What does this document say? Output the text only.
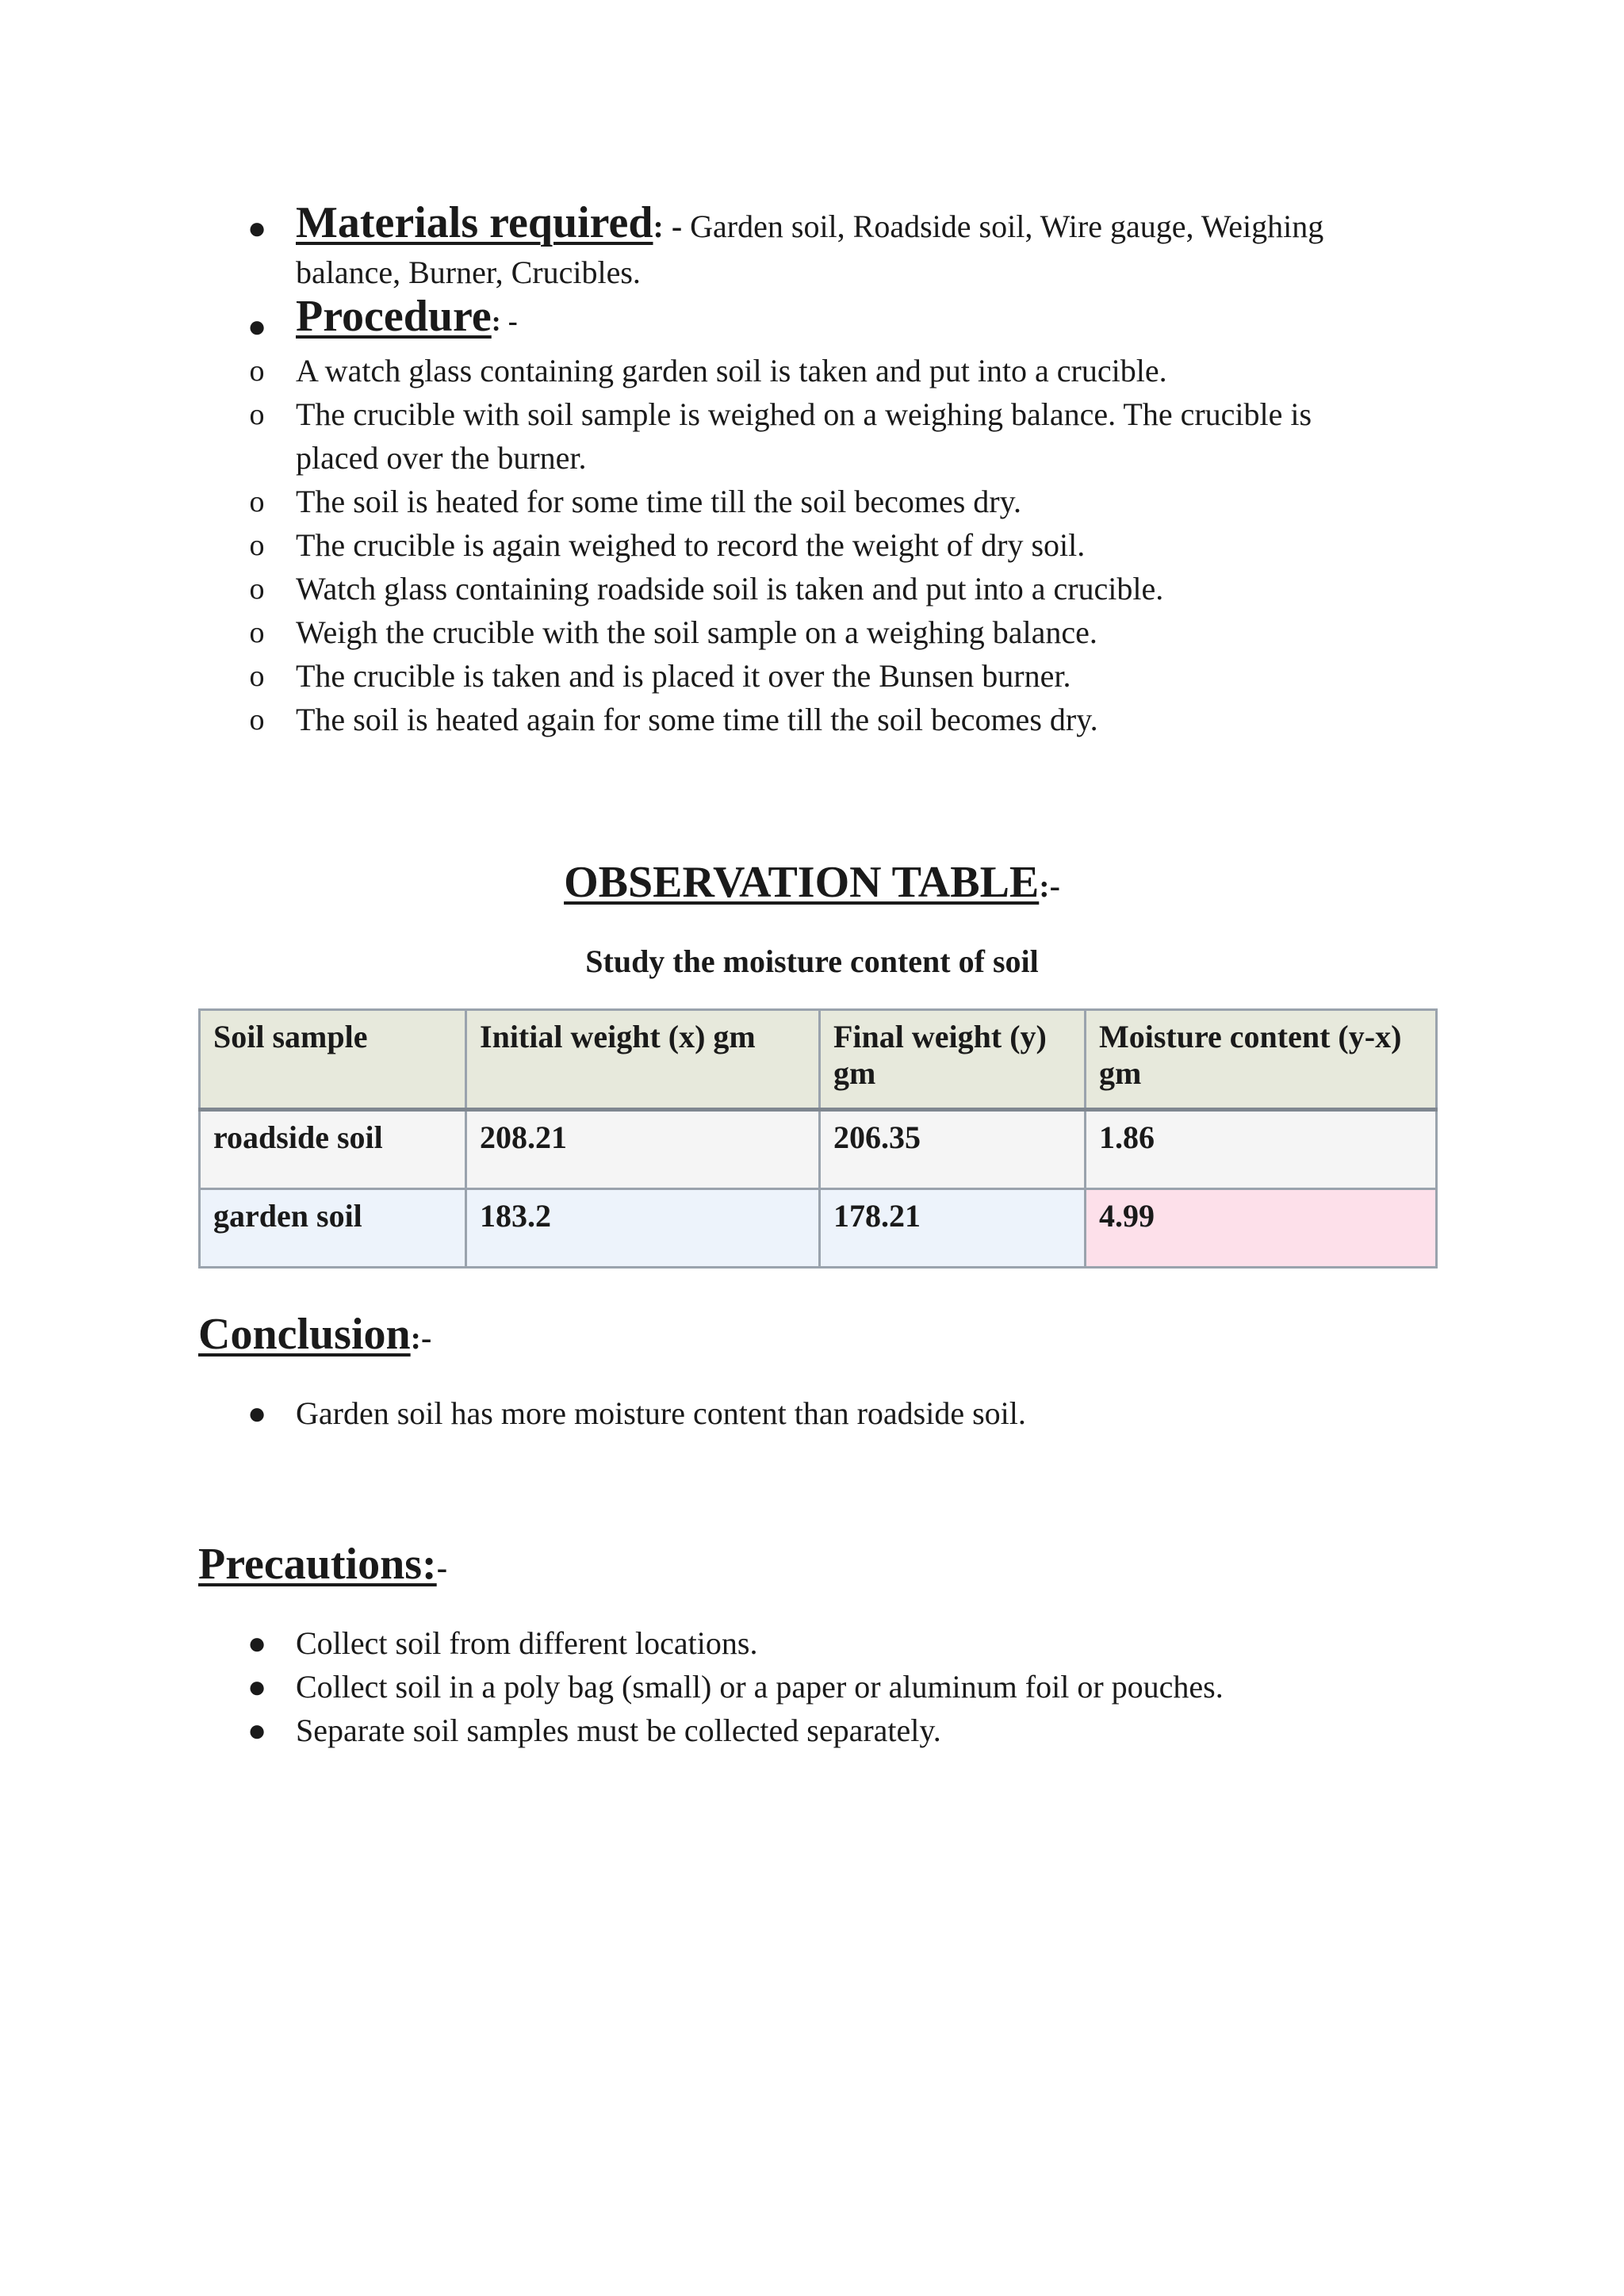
● Materials required: - Garden soil, Roadside soil, Wire gauge, Weighing
balance, Burner, Crucibles.
● Procedure: -
o A watch glass containing garden soil is taken and put into a crucible.
o The crucible with soil sample is weighed on a weighing balance. The crucible is
placed over the burner.
o The soil is heated for some time till the soil becomes dry.
o The crucible is again weighed to record the weight of dry soil.
o Watch glass containing roadside soil is taken and put into a crucible.
o Weigh the crucible with the soil sample on a weighing balance.
o The crucible is taken and is placed it over the Bunsen burner.
o The soil is heated again for some time till the soil becomes dry.
OBSERVATION TABLE:-
Study the moisture content of soil
Soil sample	Initial weight (x) gm	Final weight (y) gm	Moisture content (y-x) gm
roadside soil	208.21	206.35	1.86
garden soil	183.2	178.21	4.99
Conclusion:-
● Garden soil has more moisture content than roadside soil.
Precautions:-
● Collect soil from different locations.
● Collect soil in a poly bag (small) or a paper or aluminum foil or pouches.
● Separate soil samples must be collected separately.
